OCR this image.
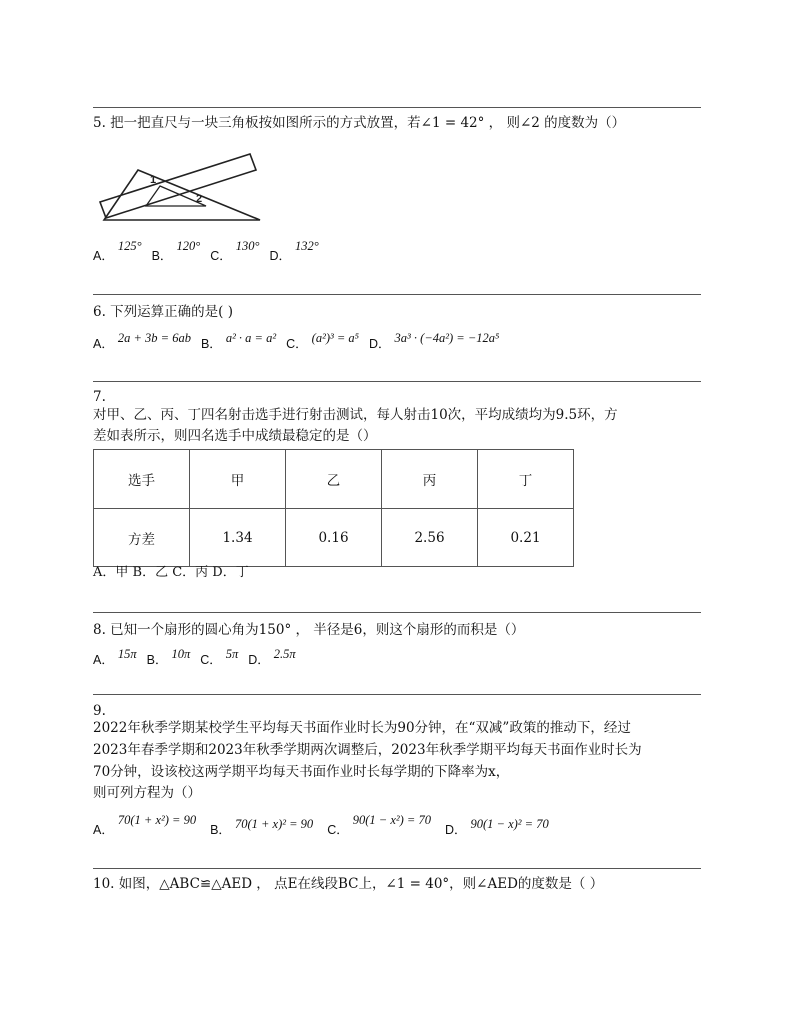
5. 把一把直尺与一块三角板按如图所示的方式放置，若∠1 = 42° ， 则∠2 的度数为（）
1
2
A．
125°
B．
120°
C．
130°
D．
132°
6. 下列运算正确的是( )
A． 2a + 3b = 6ab B． a² · a = a² C． (a²)³ = a⁵ D． 3a³ · (−4a²) = −12a⁵
7.
对甲、乙、丙、丁四名射击选手进行射击测试，每人射击10次，平均成绩均为9.5环，方
差如表所示，则四名选手中成绩最稳定的是（）
选手	甲	乙	丙	丁
方差	1.34	0.16	2.56	0.21
A．甲 B．乙 C．丙 D．丁
8. 已知一个扇形的圆心角为150° ， 半径是6，则这个扇形的而积是（）
A． 15π B． 10π C． 5π D． 2.5π
9.
2022年秋季学期某校学生平均每天书面作业时长为90分钟，在“双减”政策的推动下，经过
2023年春季学期和2023年秋季学期两次调整后，2023年秋季学期平均每天书面作业时长为
70分钟，设该校这两学期平均每天书面作业时长每学期的下降率为x，
则可列方程为（）
A．
70(1 + x²) = 90
B． 70(1 + x)² = 90 C．
90(1 − x²) = 70
D． 90(1 − x)² = 70
10. 如图，△ABC≌△AED ， 点E在线段BC上，∠1 = 40°，则∠AED的度数是（ ）
